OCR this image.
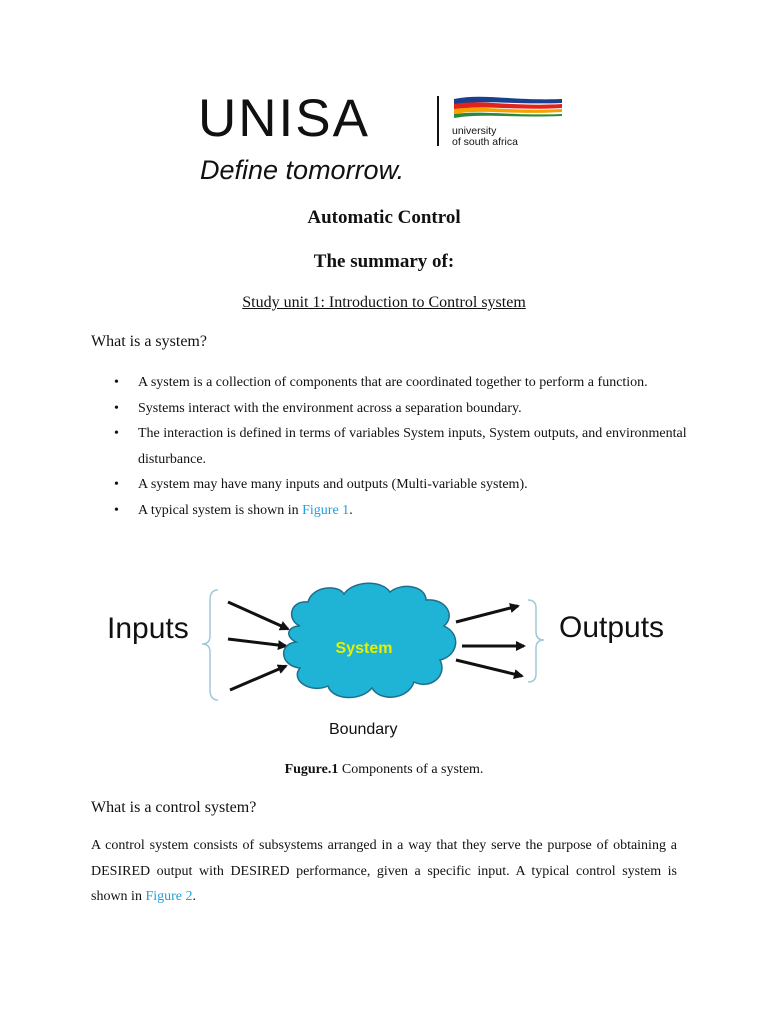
UNISA	university
of south africa
Define tomorrow.
Automatic Control
The summary of:
Study unit 1: Introduction to Control system
What is a system?
• A system is a collection of components that are coordinated together to perform a function.
• Systems interact with the environment across a separation boundary.
• The interaction is defined in terms of variables System inputs, System outputs, and environmental disturbance.
• A system may have many inputs and outputs (Multi-variable system).
• A typical system is shown in Figure 1.
Inputs
System
Outputs
Boundary
Fugure.1 Components of a system.
What is a control system?
A control system consists of subsystems arranged in a way that they serve the purpose of obtaining a DESIRED output with DESIRED performance, given a specific input. A typical control system is shown in Figure 2.
